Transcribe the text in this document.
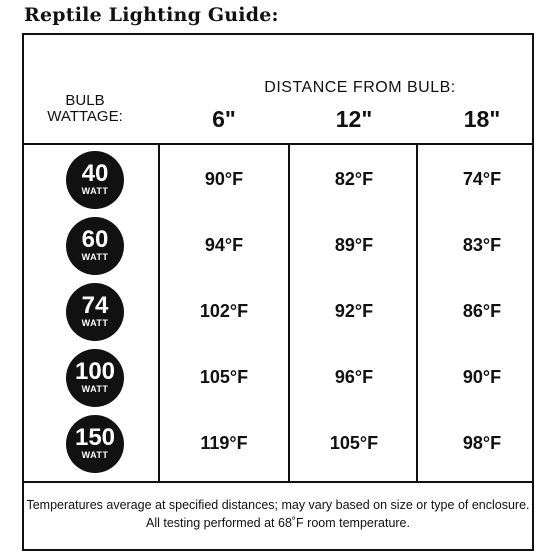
Reptile Lighting Guide:
BULB
WATTAGE:
DISTANCE FROM BULB:
6"	12"	18"
40
WATT
90°F	82°F	74°F
60
WATT
94°F	89°F	83°F
74
WATT
102°F	92°F	86°F
100
WATT
105°F	96°F	90°F
150
WATT
119°F	105°F	98°F
Temperatures average at specified distances; may vary based on size or type of enclosure.
All testing performed at 68˚F room temperature.
